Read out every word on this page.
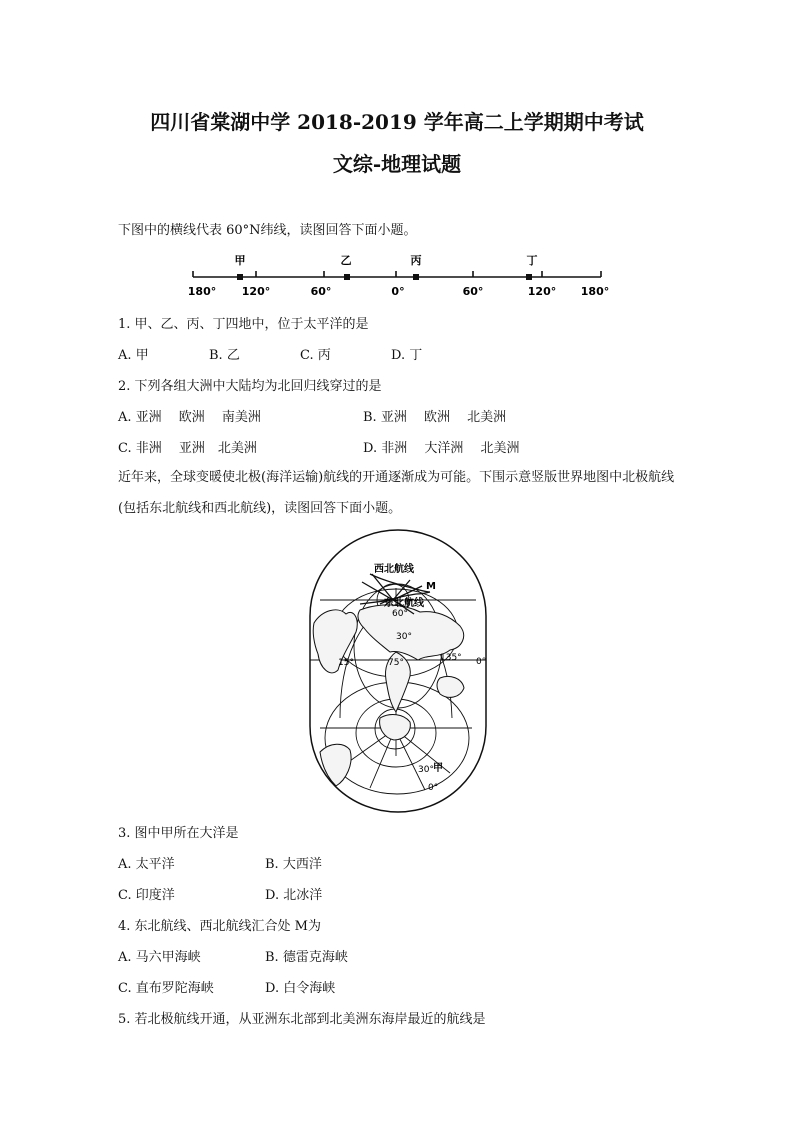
四川省棠湖中学 2018-2019 学年高二上学期期中考试
文综-地理试题
下图中的横线代表 60°N纬线，读图回答下面小题。
甲	乙	丙	丁
180° 120°	60°	0°	60°	120° 180°
1. 甲、乙、丙、丁四地中，位于太平洋的是
A. 甲	B. 乙	C. 丙	D. 丁
2. 下列各组大洲中大陆均为北回归线穿过的是
A. 亚洲　 欧洲　 南美洲	B. 亚洲　 欧洲　 北美洲
C. 非洲　 亚洲　北美洲	D. 非洲　 大洋洲　 北美洲
近年来，全球变暖使北极(海洋运输)航线的开通逐渐成为可能。下围示意竖版世界地图中北极航线(包括东北航线和西北航线)，读图回答下面小题。
西北航线
东北航线
M
甲
60°
30°
30°
15°	75°	135° 0°
0°
3. 图中甲所在大洋是
A. 太平洋	B. 大西洋
C. 印度洋	D. 北冰洋
4. 东北航线、西北航线汇合处 M为
A. 马六甲海峡	B. 德雷克海峡
C. 直布罗陀海峡	D. 白令海峡
5. 若北极航线开通，从亚洲东北部到北美洲东海岸最近的航线是
